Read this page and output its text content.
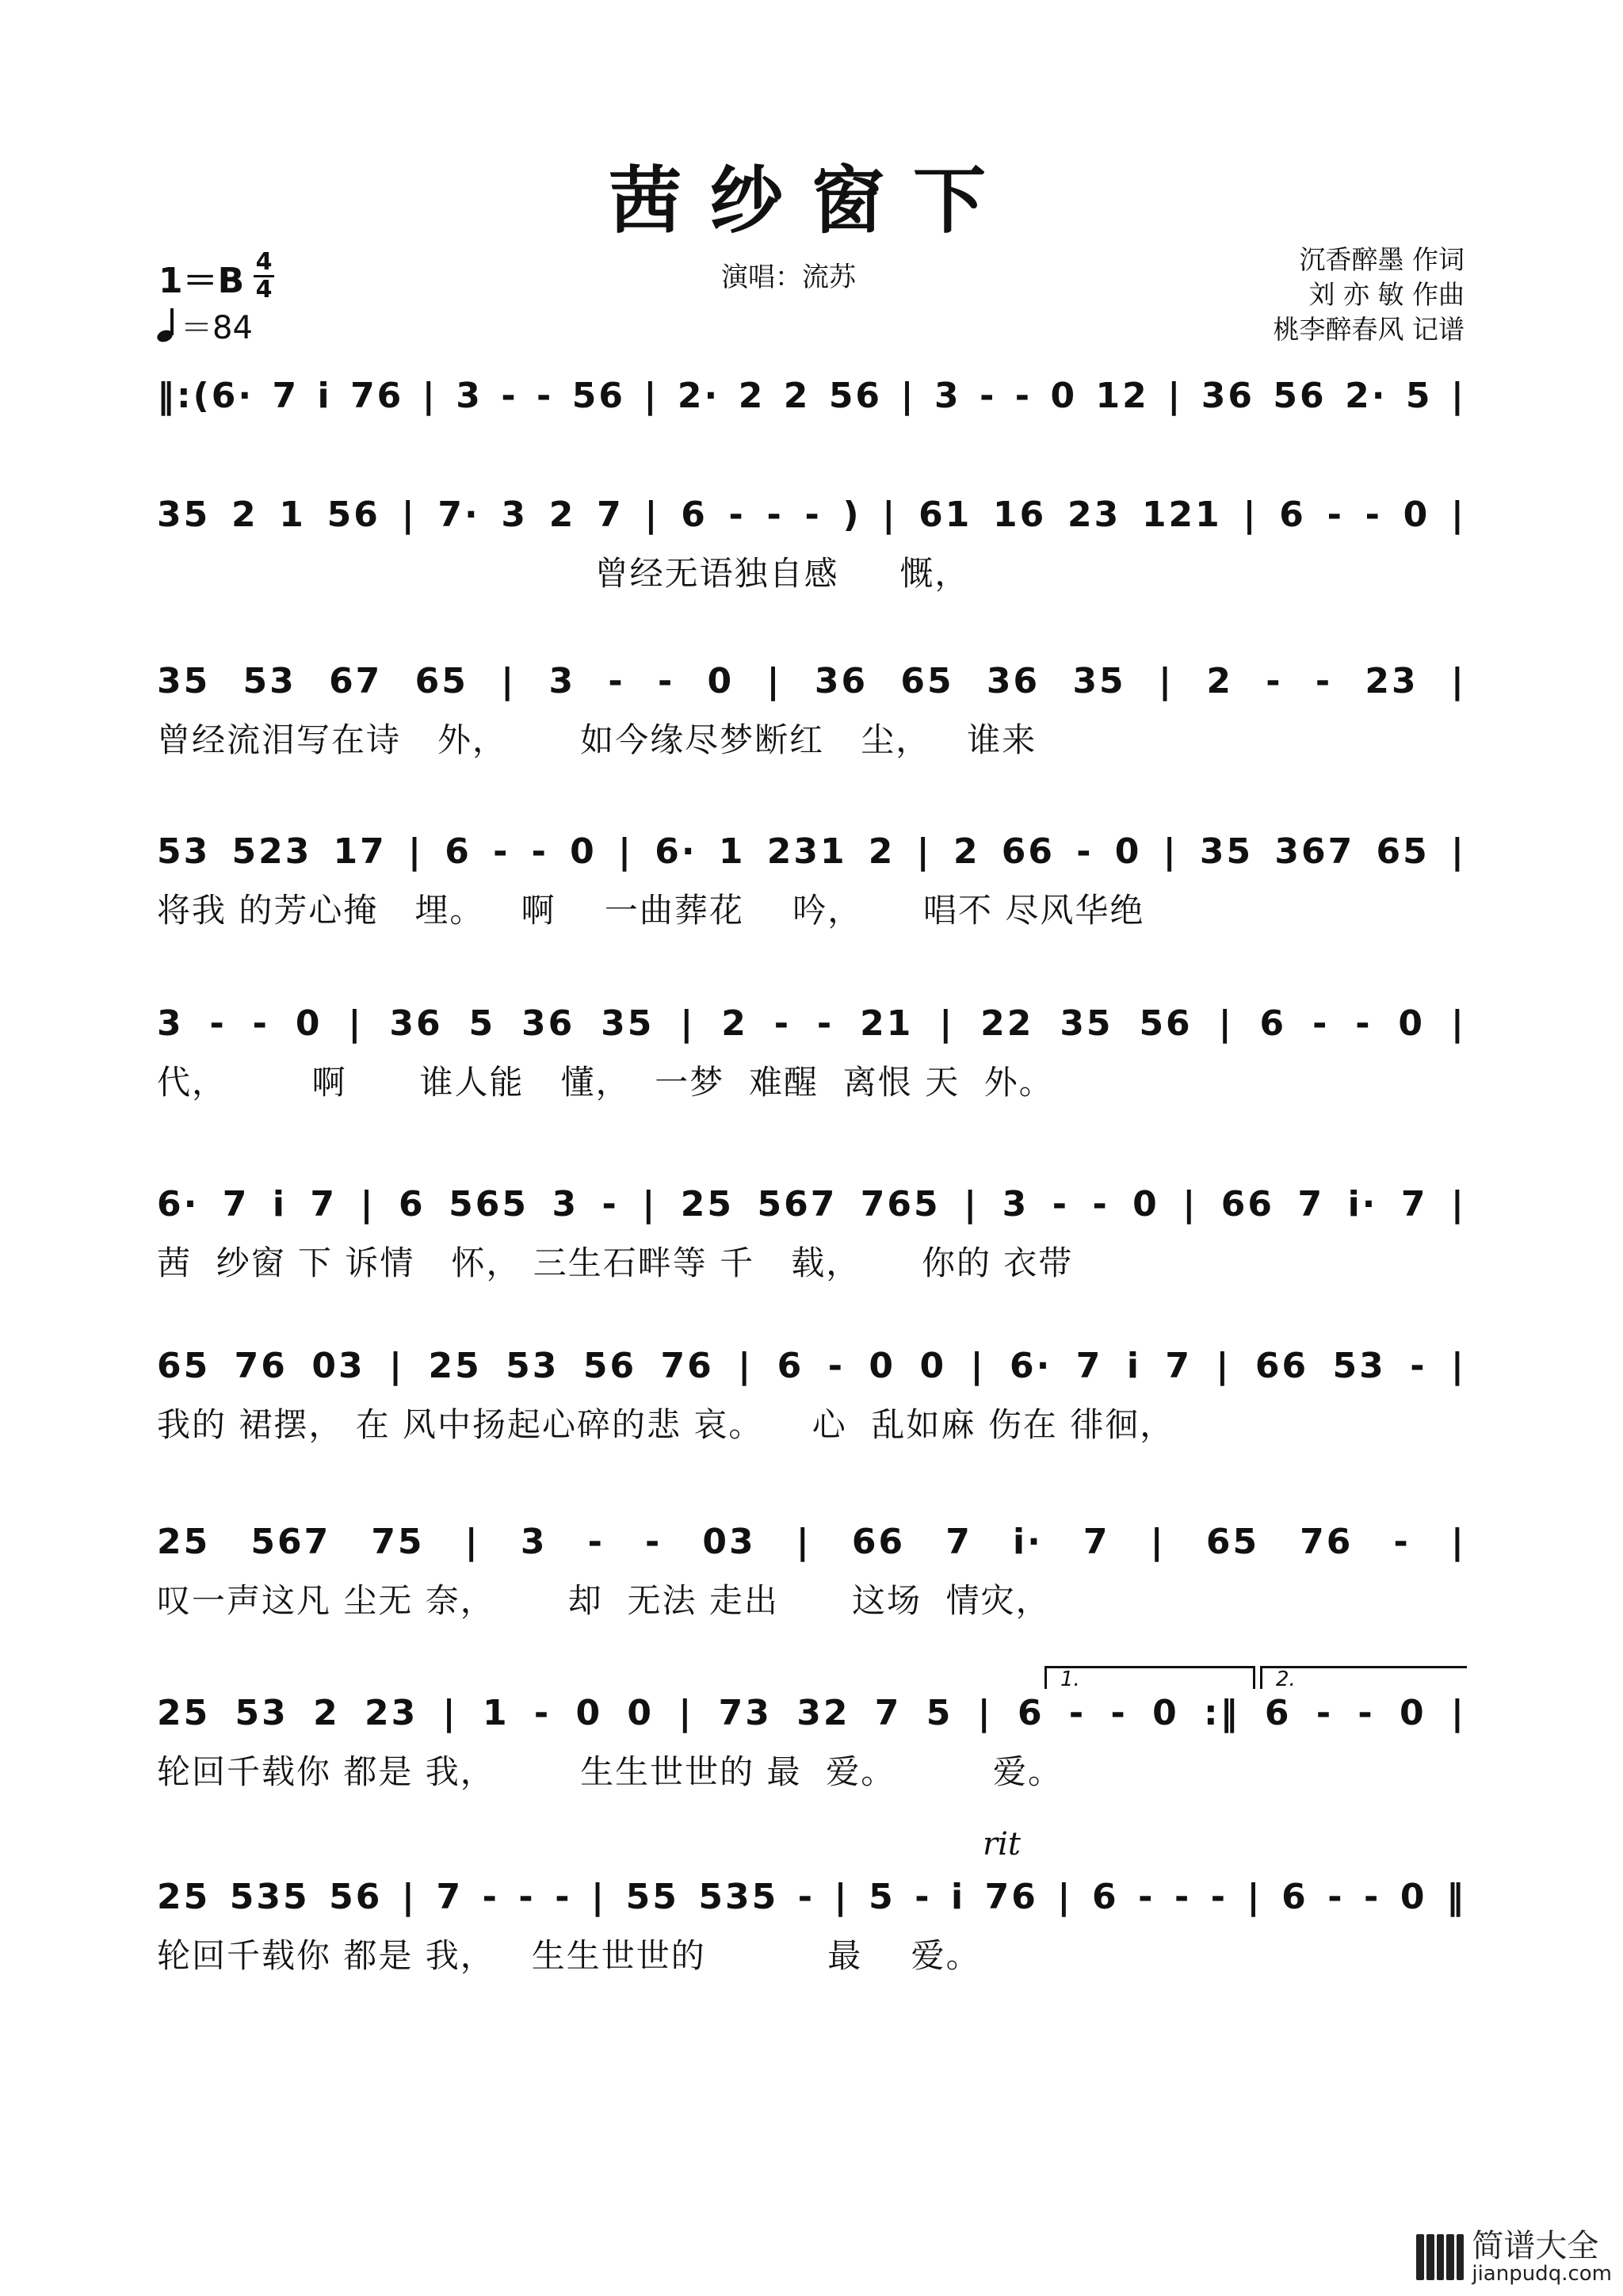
茜纱窗下
1＝B 4
4
＝84
演唱：流苏
沉香醉墨 作词
刘 亦 敏 作曲
桃李醉春风 记谱
‖:(6· 7 i 76 | 3 - - 56 | 2· 2 2 56 | 3 - - 0 12 | 36 56 2· 5 |
35 2 1 56 | 7· 3 2 7 | 6 - - - ) | 61 16 23 121 | 6 - - 0 |
曾经无语独自感     慨，
35 53 67 65 | 3 - - 0 | 36 65 36 35 | 2 - - 23 |
曾经流泪写在诗   外，      如今缘尽梦断红   尘，   谁来
53 523 17 | 6 - - 0 | 6· 1 231 2 | 2 66 - 0 | 35 367 65 |
将我 的芳心掩   埋。   啊    一曲葬花    吟，     唱不 尽风华绝
3 - - 0 | 36 5 36 35 | 2 - - 21 | 22 35 56 | 6 - - 0 |
代，       啊      谁人能   懂，  一梦  难醒  离恨 天  外。
6· 7 i 7 | 6 565 3 - | 25 567 765 | 3 - - 0 | 66 7 i· 7 |
茜  纱窗 下 诉情   怀， 三生石畔等 千   载，     你的 衣带
65 76 03 | 25 53 56 76 | 6 - 0 0 | 6· 7 i 7 | 66 53 - |
我的 裙摆， 在 风中扬起心碎的悲 哀。    心  乱如麻 伤在 徘徊，
25 567 75 | 3 - - 03 | 66 7 i· 7 | 65 76 - |
叹一声这凡 尘无 奈，      却  无法 走出      这场  情灾，
1.	2.
25 53 2 23 | 1 - 0 0 | 73 32 7 5 | 6 - - 0 :‖ 6 - - 0 |
轮回千载你 都是 我，       生生世世的 最  爱。        爱。
rit
25 535 56 | 7 - - - | 55 535 - | 5 - i 76 | 6 - - - | 6 - - 0 ‖
轮回千载你 都是 我，   生生世世的          最    爱。
简谱大全
jianpudq.com
